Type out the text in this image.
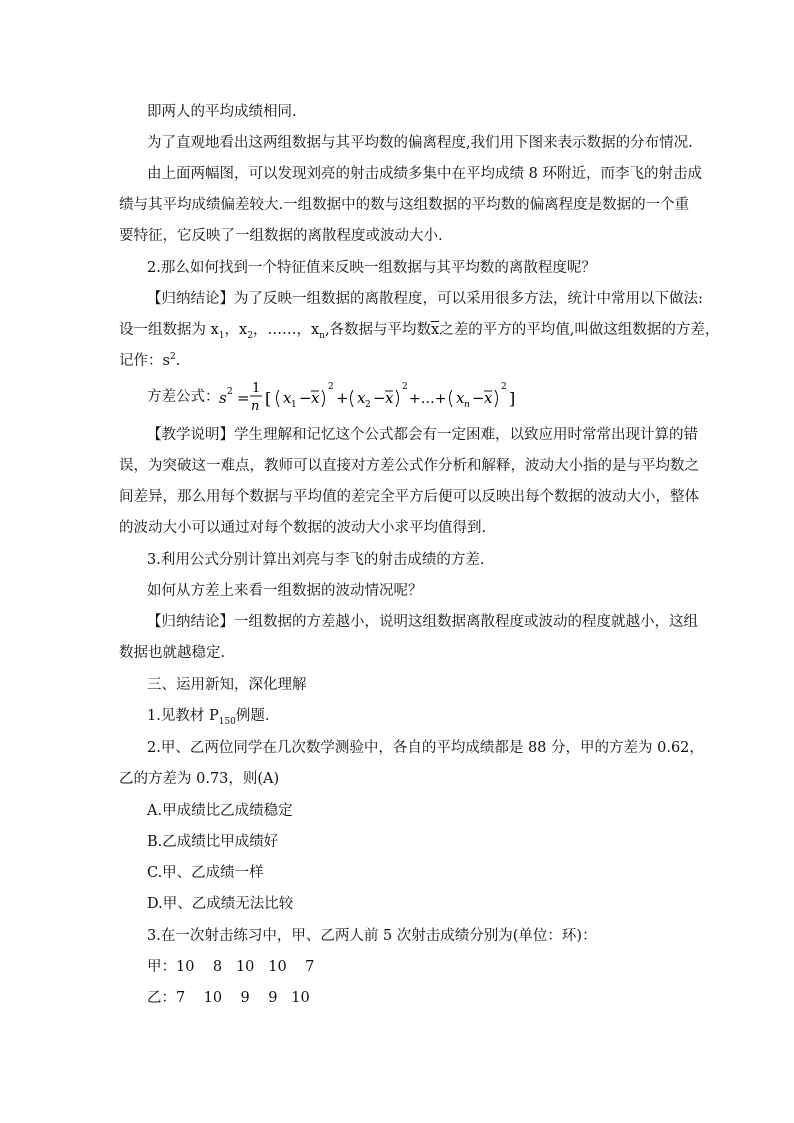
即两人的平均成绩相同.
为了直观地看出这两组数据与其平均数的偏离程度,我们用下图来表示数据的分布情况.
由上面两幅图，可以发现刘亮的射击成绩多集中在平均成绩 8 环附近，而李飞的射击成
绩与其平均成绩偏差较大.一组数据中的数与这组数据的平均数的偏离程度是数据的一个重
要特征，它反映了一组数据的离散程度或波动大小.
2.那么如何找到一个特征值来反映一组数据与其平均数的离散程度呢？
【归纳结论】为了反映一组数据的离散程度，可以采用很多方法，统计中常用以下做法:
设一组数据为 $x_1$，$x_2$，……，$x_n$,各数据与平均数$\overline{x}$之差的平方的平均值,叫做这组数据的方差，
记作：$s^2$.
方差公式： s 2 =
1
n [ x 1 − x
2
+ x 2 − x
2
+…+ x n − x
2
]
【教学说明】学生理解和记忆这个公式都会有一定困难，以致应用时常常出现计算的错
误，为突破这一难点，教师可以直接对方差公式作分析和解释，波动大小指的是与平均数之
间差异，那么用每个数据与平均值的差完全平方后便可以反映出每个数据的波动大小，整体
的波动大小可以通过对每个数据的波动大小求平均值得到.
3.利用公式分别计算出刘亮与李飞的射击成绩的方差.
如何从方差上来看一组数据的波动情况呢？
【归纳结论】一组数据的方差越小，说明这组数据离散程度或波动的程度就越小，这组
数据也就越稳定.
三、运用新知，深化理解
1.见教材 $P_{150}$例题.
2.甲、乙两位同学在几次数学测验中，各自的平均成绩都是 88 分，甲的方差为 0.62，
乙的方差为 0.73，则(A)
A.甲成绩比乙成绩稳定
B.乙成绩比甲成绩好
C.甲、乙成绩一样
D.甲、乙成绩无法比较
3.在一次射击练习中，甲、乙两人前 5 次射击成绩分别为(单位：环)：
甲：10    8   10   10    7
乙：7    10    9    9   10
